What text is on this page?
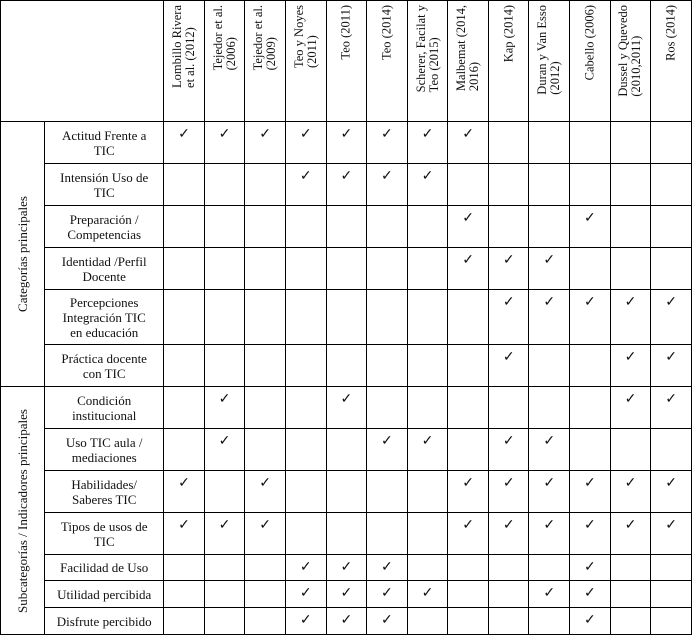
		Lombillo Rivera
et al. (2012)	Tejedor et al.
(2006)	Tejedor et al.
(2009)	Teo y Noyes
(2011)	Teo (2011)	Teo (2014)	Scherer, Facilat y
Teo (2015)	Malbemat (2014,
2016)	Kap (2014)	Duran y Van Esso
(2012)	Cabello (2006)	Dussel y Quevedo
(2010,2011)	Ros (2014)

Categorías principales	Actitud Frente a
TIC	✓	✓	✓	✓	✓	✓	✓	✓					
	Intensión Uso de
TIC				✓	✓	✓	✓						
	Preparación /
Competencias								✓			✓		
	Identidad /Perfil
Docente								✓	✓	✓			
	Percepciones
Integración TIC
en educación									✓	✓	✓	✓	✓
	Práctica docente
con TIC									✓			✓	✓

Subcategorías / Indicadores principales	Condición
institucional		✓			✓							✓	✓
	Uso TIC aula /
mediaciones		✓				✓	✓		✓	✓			
	Habilidades/
Saberes TIC	✓		✓					✓	✓	✓	✓	✓	✓
	Tipos de usos de
TIC	✓	✓	✓					✓	✓	✓	✓	✓	✓
	Facilidad de Uso				✓	✓	✓					✓		
	Utilidad percibida				✓	✓	✓	✓			✓	✓		
	Disfrute percibido				✓	✓	✓					✓		
